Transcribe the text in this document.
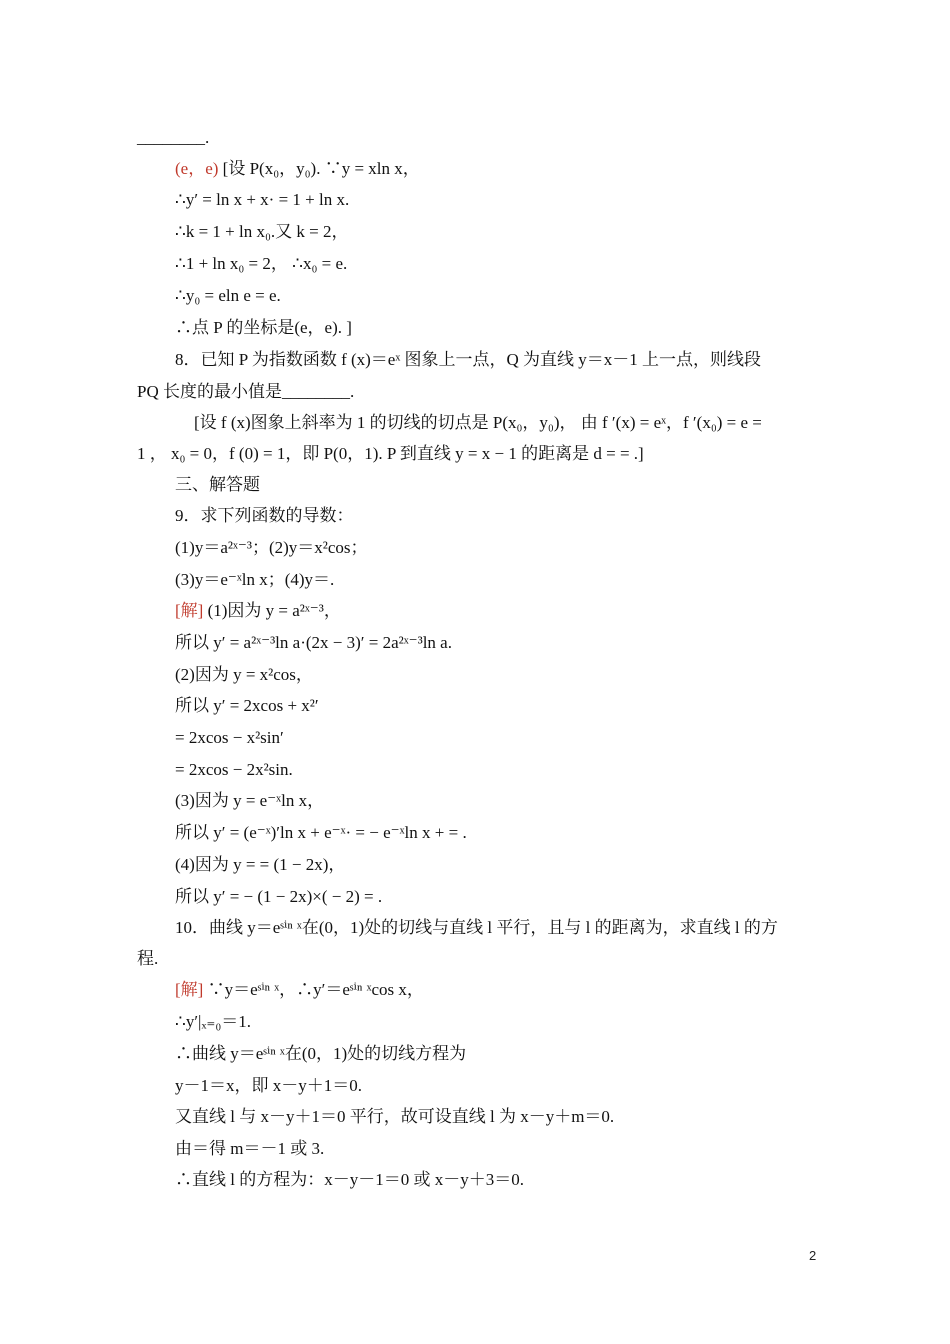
________.
(e，e) [设 P(x₀，y₀). ∵y = xln x，
∴y′ = ln x + x· = 1 + ln x.
∴k = 1 + ln x₀.又 k = 2，
∴1 + ln x₀ = 2， ∴x₀ = e.
∴y₀ = eln e = e.
∴点 P 的坐标是(e，e). ]
8．已知 P 为指数函数 f (x)＝eˣ 图象上一点，Q 为直线 y＝x－1 上一点，则线段
PQ 长度的最小值是________.
[设 f (x)图象上斜率为 1 的切线的切点是 P(x₀，y₀)， 由 f ′(x) = eˣ，f ′(x₀) = e =
1 ， x₀ = 0，f (0) = 1，即 P(0，1). P 到直线 y = x − 1 的距离是 d = = .]
三、解答题
9．求下列函数的导数：
(1)y＝a²ˣ⁻³；(2)y＝x²cos；
(3)y＝e⁻ˣln x；(4)y＝.
[解] (1)因为 y = a²ˣ⁻³，
所以 y′ = a²ˣ⁻³ln a·(2x − 3)′ = 2a²ˣ⁻³ln a.
(2)因为 y = x²cos，
所以 y′ = 2xcos + x²′
= 2xcos − x²sin′
= 2xcos − 2x²sin.
(3)因为 y = e⁻ˣln x，
所以 y′ = (e⁻ˣ)′ln x + e⁻ˣ· = − e⁻ˣln x + = .
(4)因为 y = = (1 − 2x)，
所以 y′ = − (1 − 2x)×( − 2) = .
10．曲线 y＝eˢⁱⁿ ˣ在(0，1)处的切线与直线 l 平行，且与 l 的距离为，求直线 l 的方
程.
[解] ∵y＝eˢⁱⁿ ˣ，∴y′＝eˢⁱⁿ ˣcos x，
∴y′|ₓ₌₀＝1.
∴曲线 y＝eˢⁱⁿ ˣ在(0，1)处的切线方程为
y－1＝x，即 x－y＋1＝0.
又直线 l 与 x－y＋1＝0 平行，故可设直线 l 为 x－y＋m＝0.
由＝得 m＝－1 或 3.
∴直线 l 的方程为：x－y－1＝0 或 x－y＋3＝0.
2
